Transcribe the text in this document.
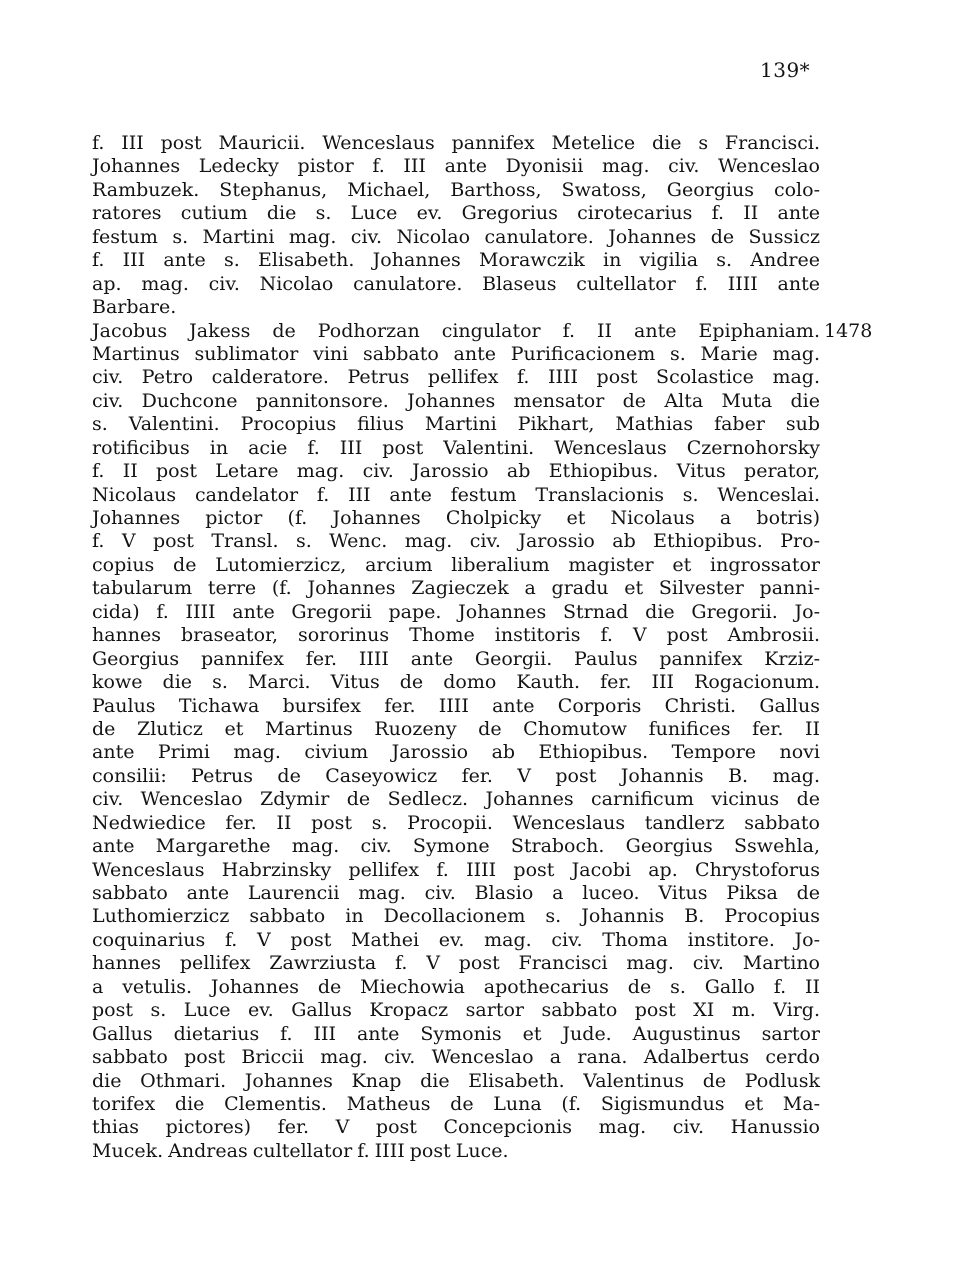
139*
f. III post Mauricii. Wenceslaus pannifex Metelice die s Francisci.
Johannes Ledecky pistor f. III ante Dyonisii mag. civ. Wenceslao
Rambuzek. Stephanus, Michael, Barthoss, Swatoss, Georgius colo-
ratores cutium die s. Luce ev. Gregorius cirotecarius f. II ante
festum s. Martini mag. civ. Nicolao canulatore. Johannes de Sussicz
f. III ante s. Elisabeth. Johannes Morawczik in vigilia s. Andree
ap. mag. civ. Nicolao canulatore. Blaseus cultellator f. IIII ante
Barbare.
Jacobus Jakess de Podhorzan cingulator f. II ante Epiphaniam.
Martinus sublimator vini sabbato ante Purificacionem s. Marie mag.
civ. Petro calderatore. Petrus pellifex f. IIII post Scolastice mag.
civ. Duchcone pannitonsore. Johannes mensator de Alta Muta die
s. Valentini. Procopius filius Martini Pikhart, Mathias faber sub
rotificibus in acie f. III post Valentini. Wenceslaus Czernohorsky
f. II post Letare mag. civ. Jarossio ab Ethiopibus. Vitus perator,
Nicolaus candelator f. III ante festum Translacionis s. Wenceslai.
Johannes pictor (f. Johannes Cholpicky et Nicolaus a botris)
f. V post Transl. s. Wenc. mag. civ. Jarossio ab Ethiopibus. Pro-
copius de Lutomierzicz, arcium liberalium magister et ingrossator
tabularum terre (f. Johannes Zagieczek a gradu et Silvester panni-
cida) f. IIII ante Gregorii pape. Johannes Strnad die Gregorii. Jo-
hannes braseator, sororinus Thome institoris f. V post Ambrosii.
Georgius pannifex fer. IIII ante Georgii. Paulus pannifex Krziz-
kowe die s. Marci. Vitus de domo Kauth. fer. III Rogacionum.
Paulus Tichawa bursifex fer. IIII ante Corporis Christi. Gallus
de Zluticz et Martinus Ruozeny de Chomutow funifices fer. II
ante Primi mag. civium Jarossio ab Ethiopibus. Tempore novi
consilii: Petrus de Caseyowicz fer. V post Johannis B. mag.
civ. Wenceslao Zdymir de Sedlecz. Johannes carnificum vicinus de
Nedwiedice fer. II post s. Procopii. Wenceslaus tandlerz sabbato
ante Margarethe mag. civ. Symone Straboch. Georgius Sswehla,
Wenceslaus Habrzinsky pellifex f. IIII post Jacobi ap. Chrystoforus
sabbato ante Laurencii mag. civ. Blasio a luceo. Vitus Piksa de
Luthomierzicz sabbato in Decollacionem s. Johannis B. Procopius
coquinarius f. V post Mathei ev. mag. civ. Thoma institore. Jo-
hannes pellifex Zawrziusta f. V post Francisci mag. civ. Martino
a vetulis. Johannes de Miechowia apothecarius de s. Gallo f. II
post s. Luce ev. Gallus Kropacz sartor sabbato post XI m. Virg.
Gallus dietarius f. III ante Symonis et Jude. Augustinus sartor
sabbato post Briccii mag. civ. Wenceslao a rana. Adalbertus cerdo
die Othmari. Johannes Knap die Elisabeth. Valentinus de Podlusk
torifex die Clementis. Matheus de Luna (f. Sigismundus et Ma-
thias pictores) fer. V post Concepcionis mag. civ. Hanussio
Mucek. Andreas cultellator f. IIII post Luce.
1478
